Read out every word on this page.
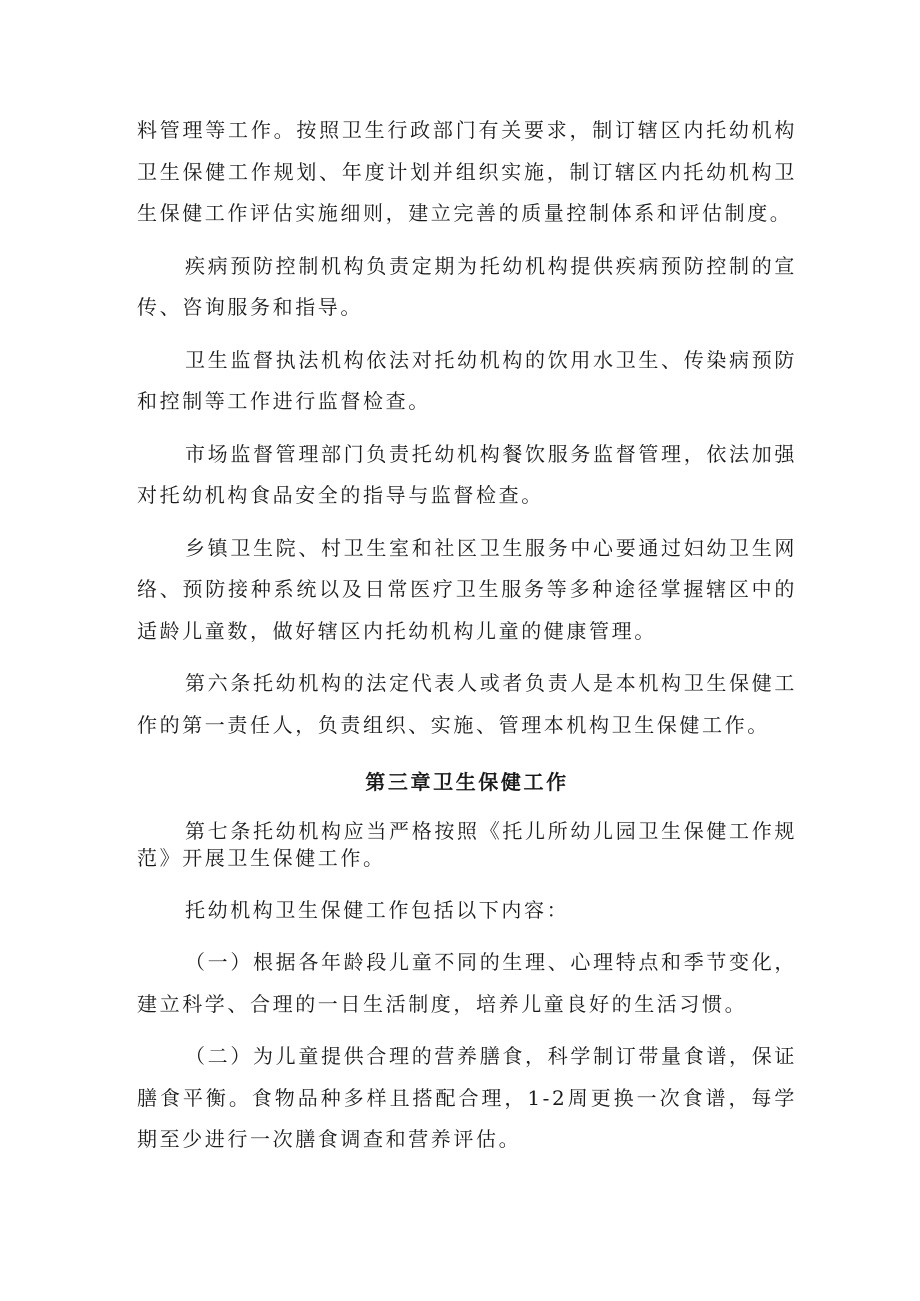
料管理等工作。按照卫生行政部门有关要求，制订辖区内托幼机构卫生保健工作规划、年度计划并组织实施，制订辖区内托幼机构卫生保健工作评估实施细则，建立完善的质量控制体系和评估制度。

疾病预防控制机构负责定期为托幼机构提供疾病预防控制的宣传、咨询服务和指导。

卫生监督执法机构依法对托幼机构的饮用水卫生、传染病预防和控制等工作进行监督检查。

市场监督管理部门负责托幼机构餐饮服务监督管理，依法加强对托幼机构食品安全的指导与监督检查。

乡镇卫生院、村卫生室和社区卫生服务中心要通过妇幼卫生网络、预防接种系统以及日常医疗卫生服务等多种途径掌握辖区中的适龄儿童数，做好辖区内托幼机构儿童的健康管理。

第六条托幼机构的法定代表人或者负责人是本机构卫生保健工作的第一责任人，负责组织、实施、管理本机构卫生保健工作。

第三章卫生保健工作

第七条托幼机构应当严格按照《托儿所幼儿园卫生保健工作规范》开展卫生保健工作。

托幼机构卫生保健工作包括以下内容：

（一）根据各年龄段儿童不同的生理、心理特点和季节变化，建立科学、合理的一日生活制度，培养儿童良好的生活习惯。

（二）为儿童提供合理的营养膳食，科学制订带量食谱，保证膳食平衡。食物品种多样且搭配合理，1-2周更换一次食谱，每学期至少进行一次膳食调查和营养评估。
